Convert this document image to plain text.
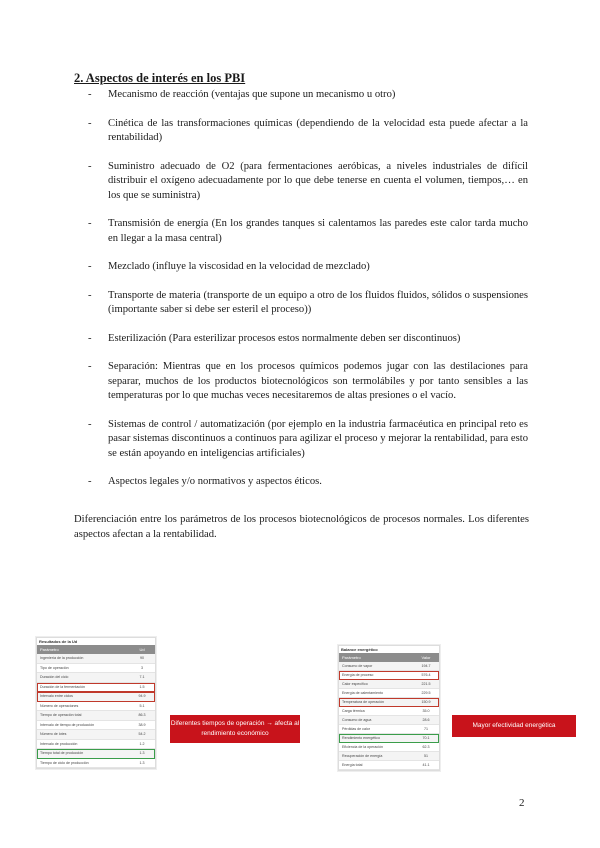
2. Aspectos de interés en los PBI
- Mecanismo de reacción (ventajas que supone un mecanismo u otro)
- Cinética de las transformaciones químicas (dependiendo de la velocidad esta puede afectar a la rentabilidad)
- Suministro adecuado de O2 (para fermentaciones aeróbicas, a niveles industriales de difícil distribuir el oxígeno adecuadamente por lo que debe tenerse en cuenta el volumen, tiempos,… en los que se suministra)
- Transmisión de energía (En los grandes tanques si calentamos las paredes este calor tarda mucho en llegar a la masa central)
- Mezclado (influye la viscosidad en la velocidad de mezclado)
- Transporte de materia (transporte de un equipo a otro de los fluidos fluidos, sólidos o suspensiones (importante saber si debe ser esteril el proceso))
- Esterilización (Para esterilizar procesos estos normalmente deben ser discontinuos)
- Separación: Mientras que en los procesos químicos podemos jugar con las destilaciones para separar, muchos de los productos biotecnológicos son termolábiles y por tanto sensibles a las temperaturas por lo que muchas veces necesitaremos de altas presiones o el vacío.
- Sistemas de control / automatización (por ejemplo en la industria farmacéutica en principal reto es pasar sistemas discontinuos a continuos para agilizar el proceso y mejorar la rentabilidad, para esto se están apoyando en inteligencias artificiales)
- Aspectos legales y/o normativos y aspectos éticos.
Diferenciación entre los parámetros de los procesos biotecnológicos de procesos normales. Los diferentes aspectos afectan a la rentabilidad.
Resultados de la Ud
Parámetro	Ud
Ingeniería de la producción	90
Tipo de operación	3
Duración del ciclo	7.1
Duración de la fermentación	1.5
Intervalo entre ciclos	94.9
Número de operaciones	5.1
Tiempo de operación total	86.3
Intervalo de tiempo de producción	38.9
Número de lotes	54.2
Intervalo de producción	1.2
Tiempo total de producción	1.3
Tiempo de ciclo de producción	1.3
Diferentes tiempos de operación → afecta al rendimiento económico
Balance energético
Parámetro	Valor
Consumo de vapor	194.7
Energía de proceso	576.4
Calor específico	221.5
Energía de calentamiento	229.5
Temperatura de operación	150.9
Carga térmica	35.0
Consumo de agua	28.6
Pérdidas de calor	71
Rendimiento energético	70.1
Eficiencia de la operación	62.3
Recuperación de energía	51
Energía total	41.1
Mayor efectividad energética
2
